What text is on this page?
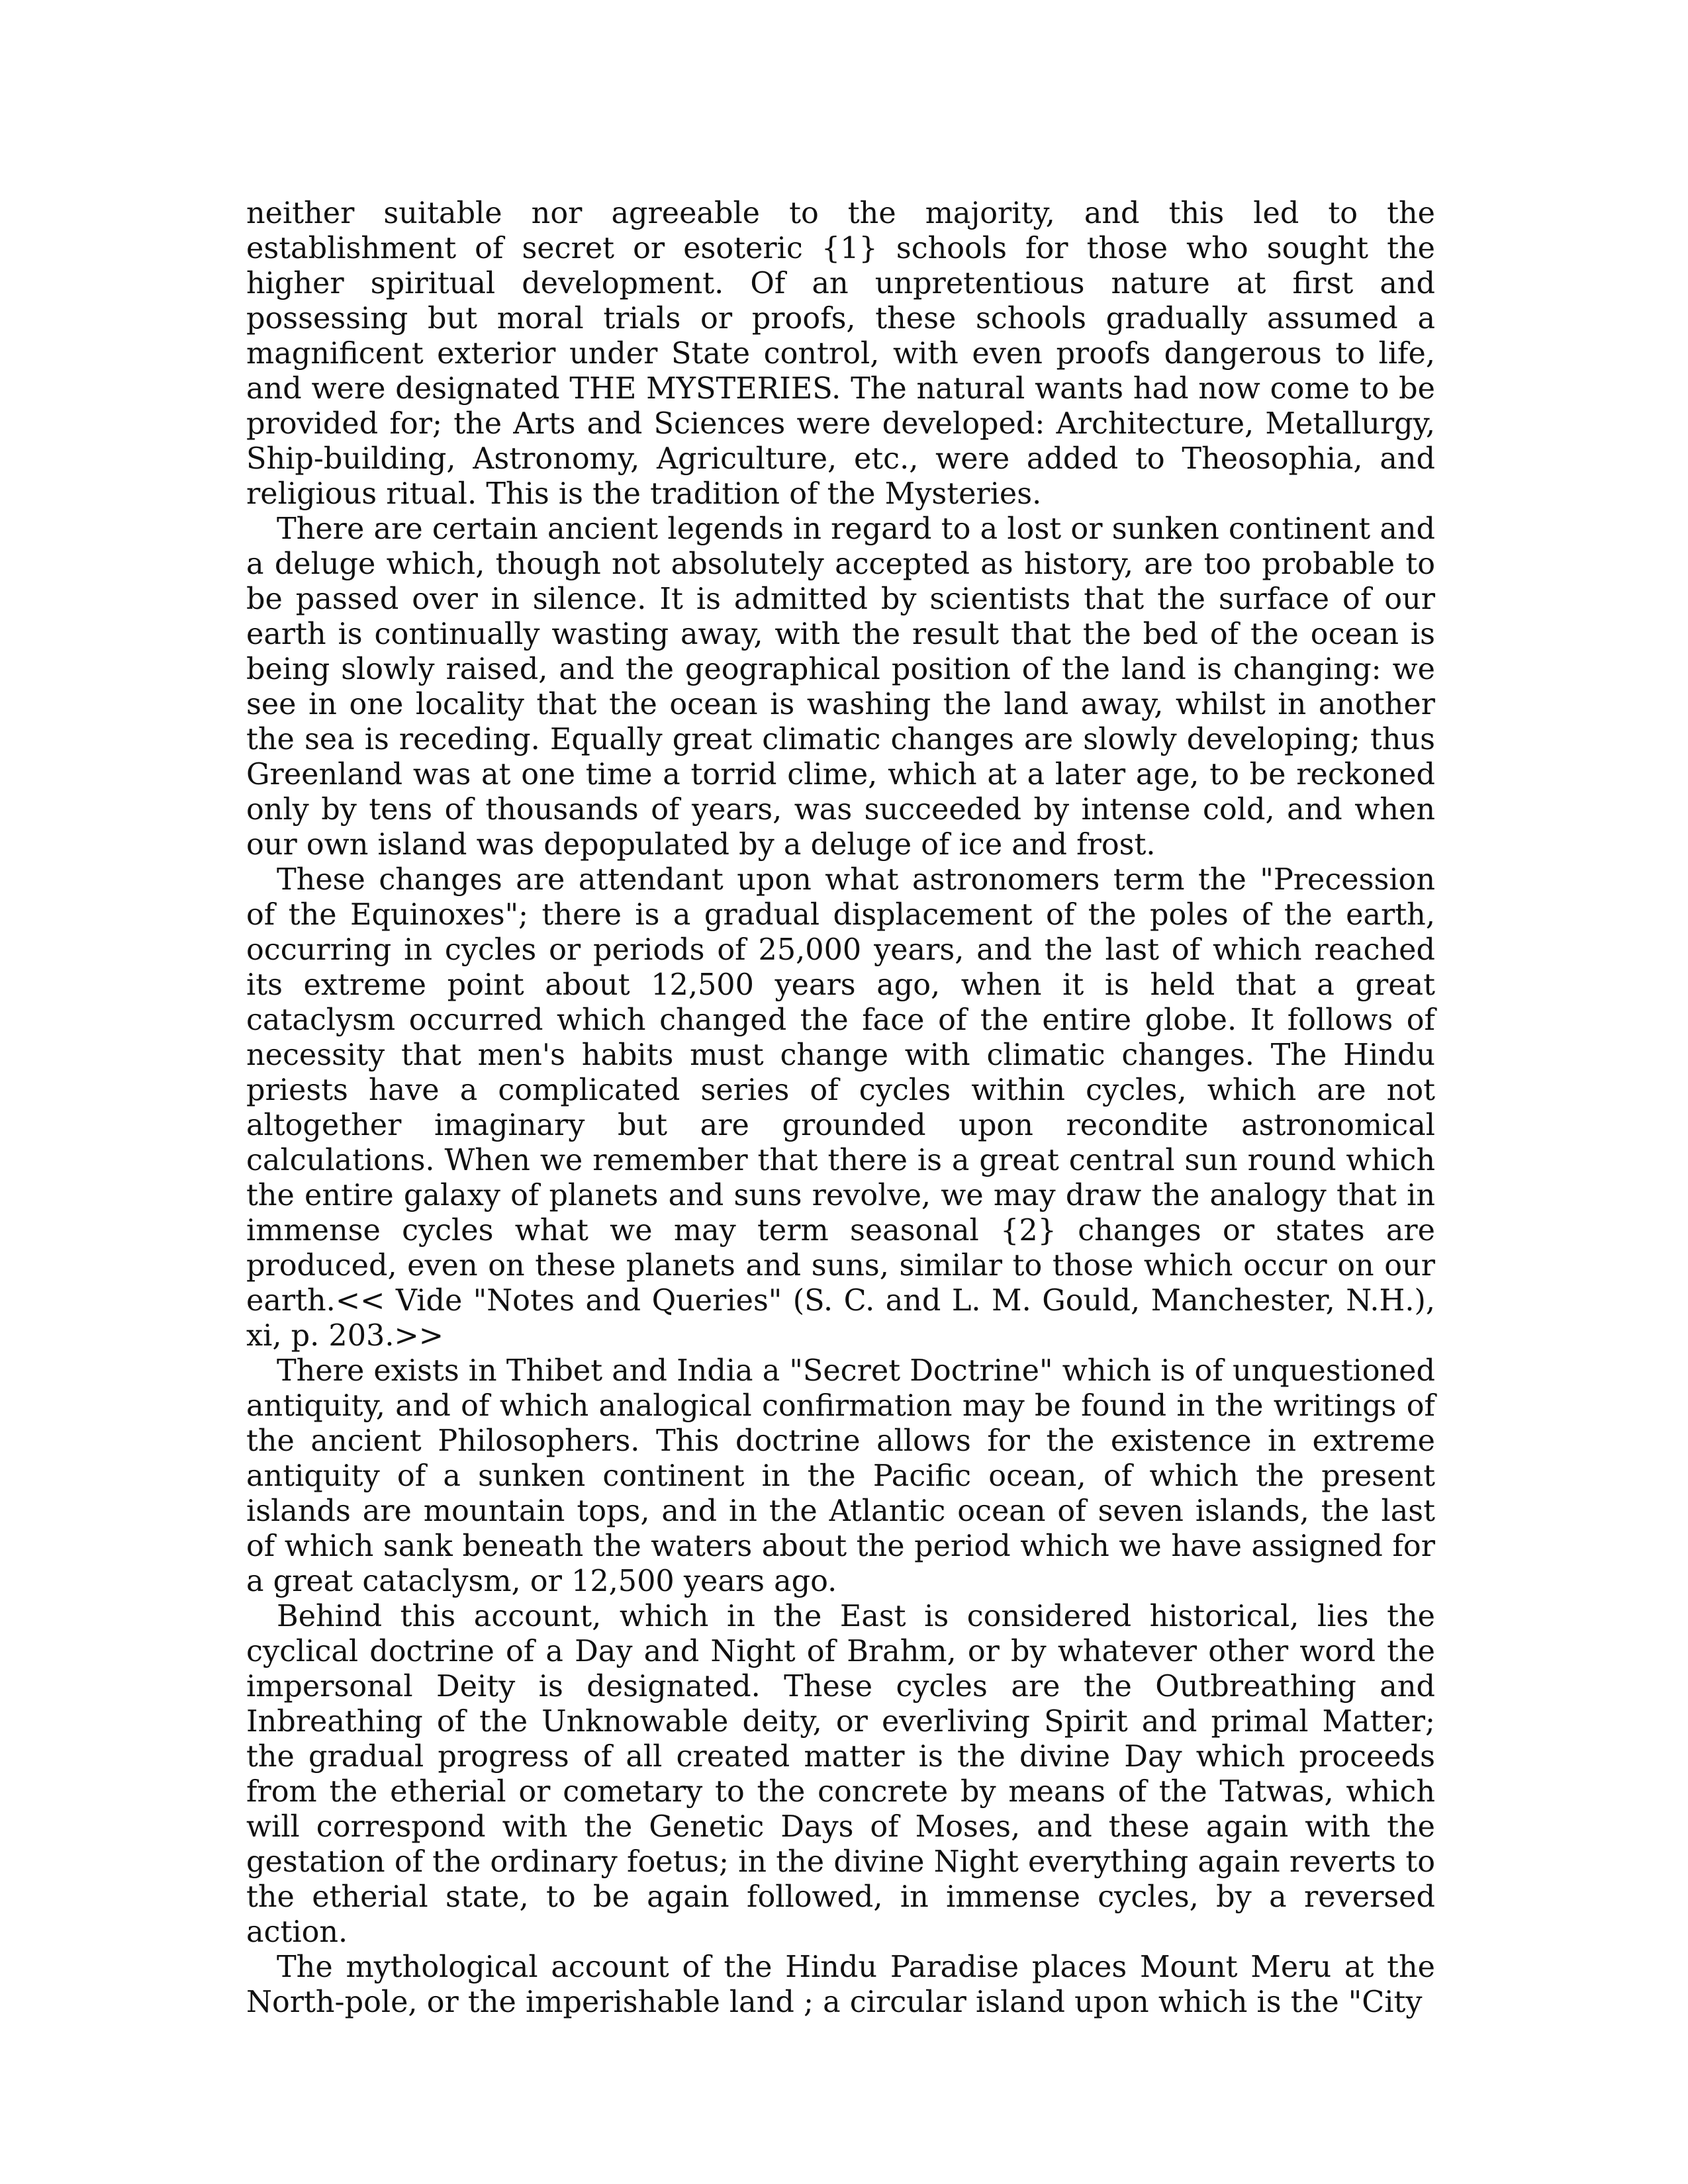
neither suitable nor agreeable to the majority, and this led to the establishment of secret or esoteric {1} schools for those who sought the higher spiritual development. Of an unpretentious nature at first and possessing but moral trials or proofs, these schools gradually assumed a magnificent exterior under State control, with even proofs dangerous to life, and were designated THE MYSTERIES. The natural wants had now come to be provided for; the Arts and Sciences were developed: Architecture, Metallurgy, Ship-building, Astronomy, Agriculture, etc., were added to Theosophia, and religious ritual. This is the tradition of the Mysteries.

There are certain ancient legends in regard to a lost or sunken continent and a deluge which, though not absolutely accepted as history, are too probable to be passed over in silence. It is admitted by scientists that the surface of our earth is continually wasting away, with the result that the bed of the ocean is being slowly raised, and the geographical position of the land is changing: we see in one locality that the ocean is washing the land away, whilst in another the sea is receding. Equally great climatic changes are slowly developing; thus Greenland was at one time a torrid clime, which at a later age, to be reckoned only by tens of thousands of years, was succeeded by intense cold, and when our own island was depopulated by a deluge of ice and frost.

These changes are attendant upon what astronomers term the "Precession of the Equinoxes"; there is a gradual displacement of the poles of the earth, occurring in cycles or periods of 25,000 years, and the last of which reached its extreme point about 12,500 years ago, when it is held that a great cataclysm occurred which changed the face of the entire globe. It follows of necessity that men's habits must change with climatic changes. The Hindu priests have a complicated series of cycles within cycles, which are not altogether imaginary but are grounded upon recondite astronomical calculations. When we remember that there is a great central sun round which the entire galaxy of planets and suns revolve, we may draw the analogy that in immense cycles what we may term seasonal {2} changes or states are produced, even on these planets and suns, similar to those which occur on our earth.<< Vide "Notes and Queries" (S. C. and L. M. Gould, Manchester, N.H.), xi, p. 203.>>

There exists in Thibet and India a "Secret Doctrine" which is of unquestioned antiquity, and of which analogical confirmation may be found in the writings of the ancient Philosophers. This doctrine allows for the existence in extreme antiquity of a sunken continent in the Pacific ocean, of which the present islands are mountain tops, and in the Atlantic ocean of seven islands, the last of which sank beneath the waters about the period which we have assigned for a great cataclysm, or 12,500 years ago.

Behind this account, which in the East is considered historical, lies the cyclical doctrine of a Day and Night of Brahm, or by whatever other word the impersonal Deity is designated. These cycles are the Outbreathing and Inbreathing of the Unknowable deity, or everliving Spirit and primal Matter; the gradual progress of all created matter is the divine Day which proceeds from the etherial or cometary to the concrete by means of the Tatwas, which will correspond with the Genetic Days of Moses, and these again with the gestation of the ordinary foetus; in the divine Night everything again reverts to the etherial state, to be again followed, in immense cycles, by a reversed action.

The mythological account of the Hindu Paradise places Mount Meru at the North-pole, or the imperishable land ; a circular island upon which is the "City
